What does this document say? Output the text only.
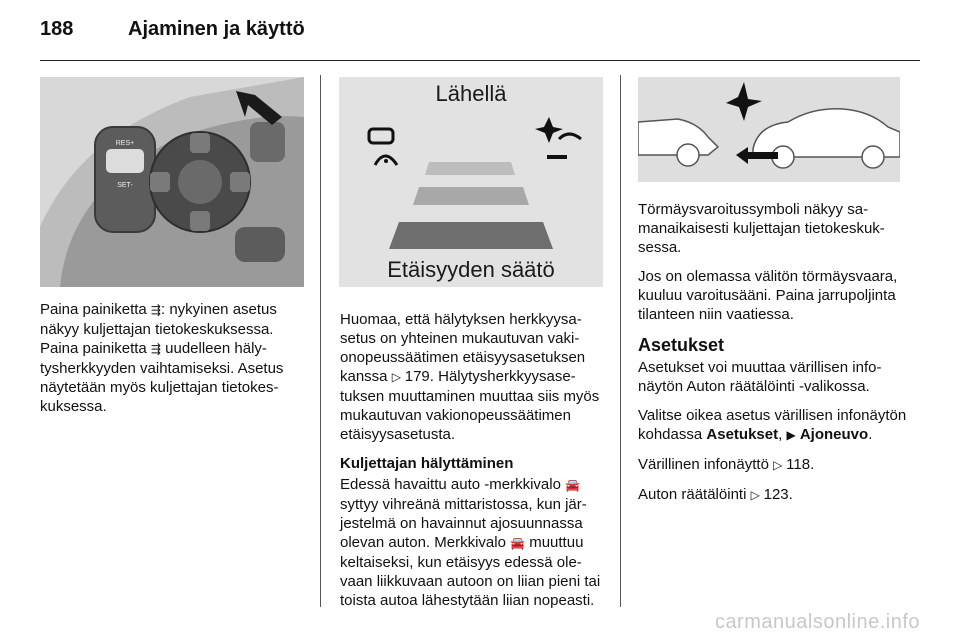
188	Ajaminen ja käyttö
RES+
SET-
Lähellä
Etäisyyden säätö

Paina painiketta ⇶: nykyinen asetus näkyy kuljettajan tietokeskuksessa. Paina painiketta ⇶ uudelleen hälytysherkkyyden vaihtamiseksi. Asetus näytetään myös kuljettajan tietokeskuksessa.

Huomaa, että hälytyksen herkkyysasetus on yhteinen mukautuvan vakionopeussäätimen etäisyysasetuksen kanssa ▷ 179. Hälytysherkkyysasetuksen muuttaminen muuttaa siis myös mukautuvan vakionopeussäätimen etäisyysasetusta.

Kuljettajan hälyttäminen

Edessä havaittu auto -merkkivalo 🚘 syttyy vihreänä mittaristossa, kun järjestelmä on havainnut ajosuunnassa olevan auton. Merkkivalo 🚘 muuttuu keltaiseksi, kun etäisyys edessä olevaan liikkuvaan autoon on liian pieni tai toista autoa lähestytään liian nopeasti.

Törmäysvaroitussymboli näkyy samanaikaisesti kuljettajan tietokeskuksessa.

Jos on olemassa välitön törmäysvaara, kuuluu varoitusääni. Paina jarrupoljinta tilanteen niin vaatiessa.

Asetukset

Asetukset voi muuttaa värillisen infonäytön Auton räätälöinti -valikossa.

Valitse oikea asetus värillisen infonäytön kohdassa Asetukset, ▶ Ajoneuvo.

Värillinen infonäyttö ▷ 118.

Auton räätälöinti ▷ 123.

carmanualsonline.info
